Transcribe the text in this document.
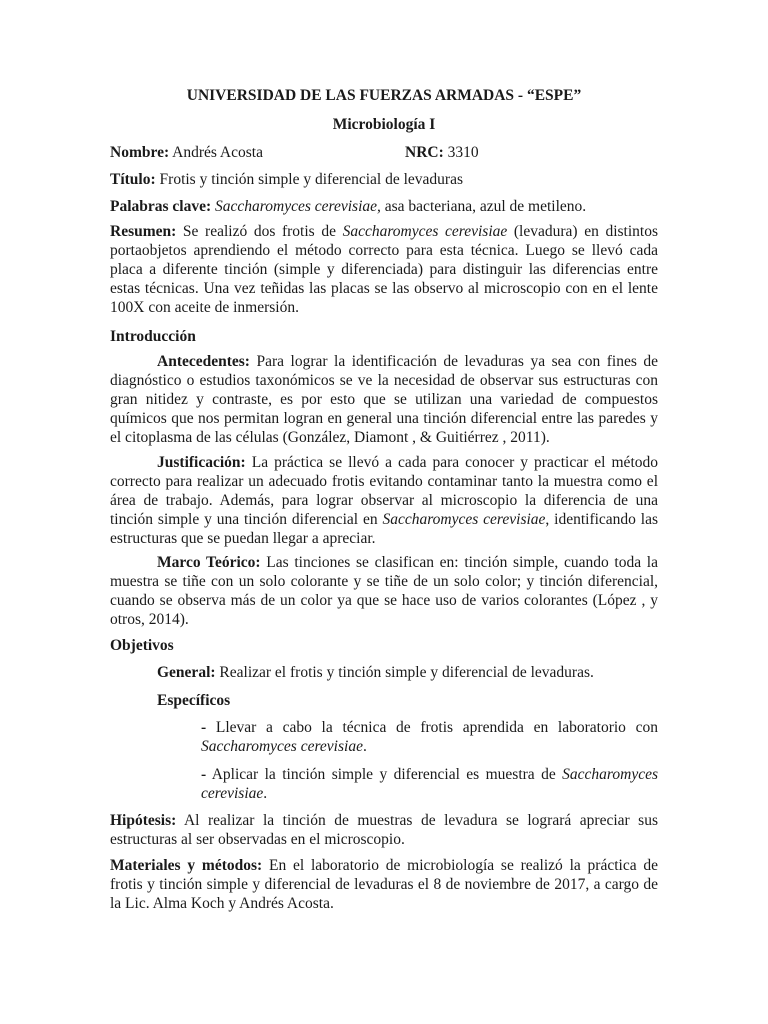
UNIVERSIDAD DE LAS FUERZAS ARMADAS - “ESPE”
Microbiología I
Nombre: Andrés Acosta	NRC: 3310
Título: Frotis y tinción simple y diferencial de levaduras
Palabras clave: Saccharomyces cerevisiae, asa bacteriana, azul de metileno.
Resumen: Se realizó dos frotis de Saccharomyces cerevisiae (levadura) en distintos portaobjetos aprendiendo el método correcto para esta técnica. Luego se llevó cada placa a diferente tinción (simple y diferenciada) para distinguir las diferencias entre estas técnicas. Una vez teñidas las placas se las observo al microscopio con en el lente 100X con aceite de inmersión.
Introducción
Antecedentes: Para lograr la identificación de levaduras ya sea con fines de diagnóstico o estudios taxonómicos se ve la necesidad de observar sus estructuras con gran nitidez y contraste, es por esto que se utilizan una variedad de compuestos químicos que nos permitan logran en general una tinción diferencial entre las paredes y el citoplasma de las células (González, Diamont , & Guitiérrez , 2011).
Justificación: La práctica se llevó a cada para conocer y practicar el método correcto para realizar un adecuado frotis evitando contaminar tanto la muestra como el área de trabajo. Además, para lograr observar al microscopio la diferencia de una tinción simple y una tinción diferencial en Saccharomyces cerevisiae, identificando las estructuras que se puedan llegar a apreciar.
Marco Teórico: Las tinciones se clasifican en: tinción simple, cuando toda la muestra se tiñe con un solo colorante y se tiñe de un solo color; y tinción diferencial, cuando se observa más de un color ya que se hace uso de varios colorantes (López , y otros, 2014).
Objetivos
General: Realizar el frotis y tinción simple y diferencial de levaduras.
Específicos
- Llevar a cabo la técnica de frotis aprendida en laboratorio con Saccharomyces cerevisiae.
- Aplicar la tinción simple y diferencial es muestra de Saccharomyces cerevisiae.
Hipótesis: Al realizar la tinción de muestras de levadura se logrará apreciar sus estructuras al ser observadas en el microscopio.
Materiales y métodos: En el laboratorio de microbiología se realizó la práctica de frotis y tinción simple y diferencial de levaduras el 8 de noviembre de 2017, a cargo de la Lic. Alma Koch y Andrés Acosta.
